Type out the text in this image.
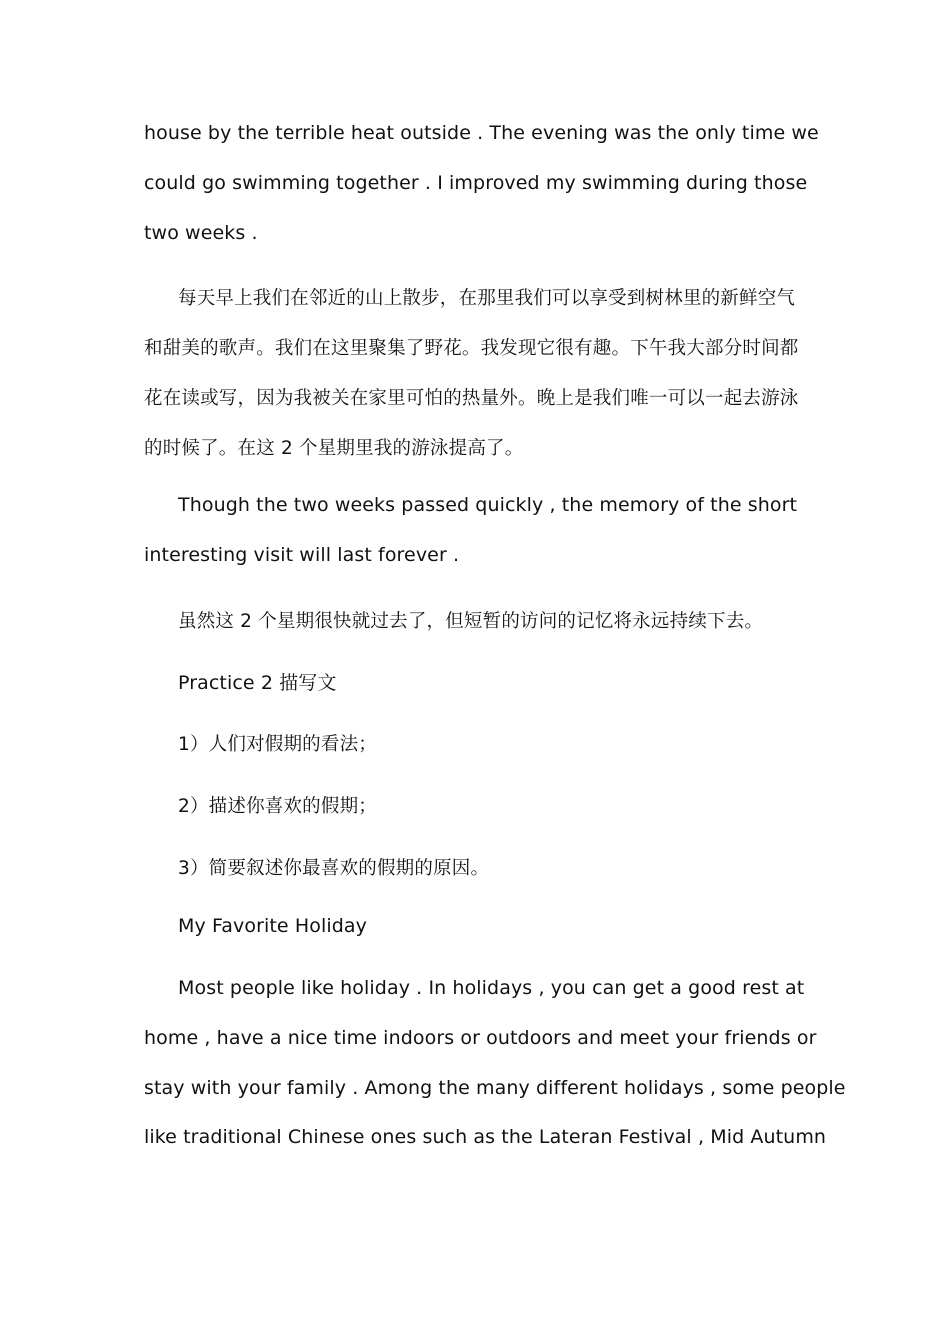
house by the terrible heat outside . The evening was the only time we
could go swimming together . I improved my swimming during those
two weeks .
每天早上我们在邻近的山上散步，在那里我们可以享受到树林里的新鲜空气
和甜美的歌声。我们在这里聚集了野花。我发现它很有趣。下午我大部分时间都
花在读或写，因为我被关在家里可怕的热量外。晚上是我们唯一可以一起去游泳
的时候了。在这 2 个星期里我的游泳提高了。
Though the two weeks passed quickly , the memory of the short
interesting visit will last forever .
虽然这 2 个星期很快就过去了，但短暂的访问的记忆将永远持续下去。
Practice 2 描写文
1）人们对假期的看法；
2）描述你喜欢的假期；
3）简要叙述你最喜欢的假期的原因。
My Favorite Holiday
Most people like holiday . In holidays , you can get a good rest at
home , have a nice time indoors or outdoors and meet your friends or
stay with your family . Among the many different holidays , some people
like traditional Chinese ones such as the Lateran Festival , Mid Autumn
